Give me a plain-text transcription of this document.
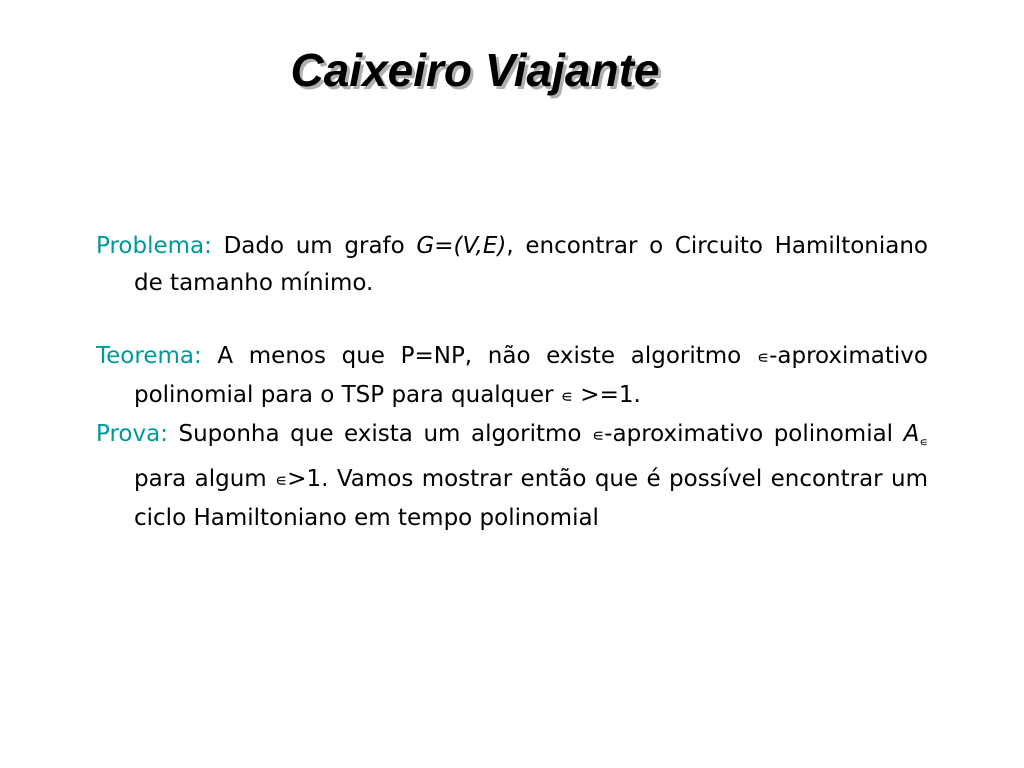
Caixeiro Viajante

Problema: Dado um grafo G=(V,E), encontrar o Circuito Hamiltoniano de tamanho mínimo.

Teorema: A menos que P=NP, não existe algoritmo ∊-aproximativo polinomial para o TSP para qualquer ∊ >=1.

Prova: Suponha que exista um algoritmo ∊-aproximativo polinomial $A_∊$ para algum ∊>1. Vamos mostrar então que é possível encontrar um ciclo Hamiltoniano em tempo polinomial
